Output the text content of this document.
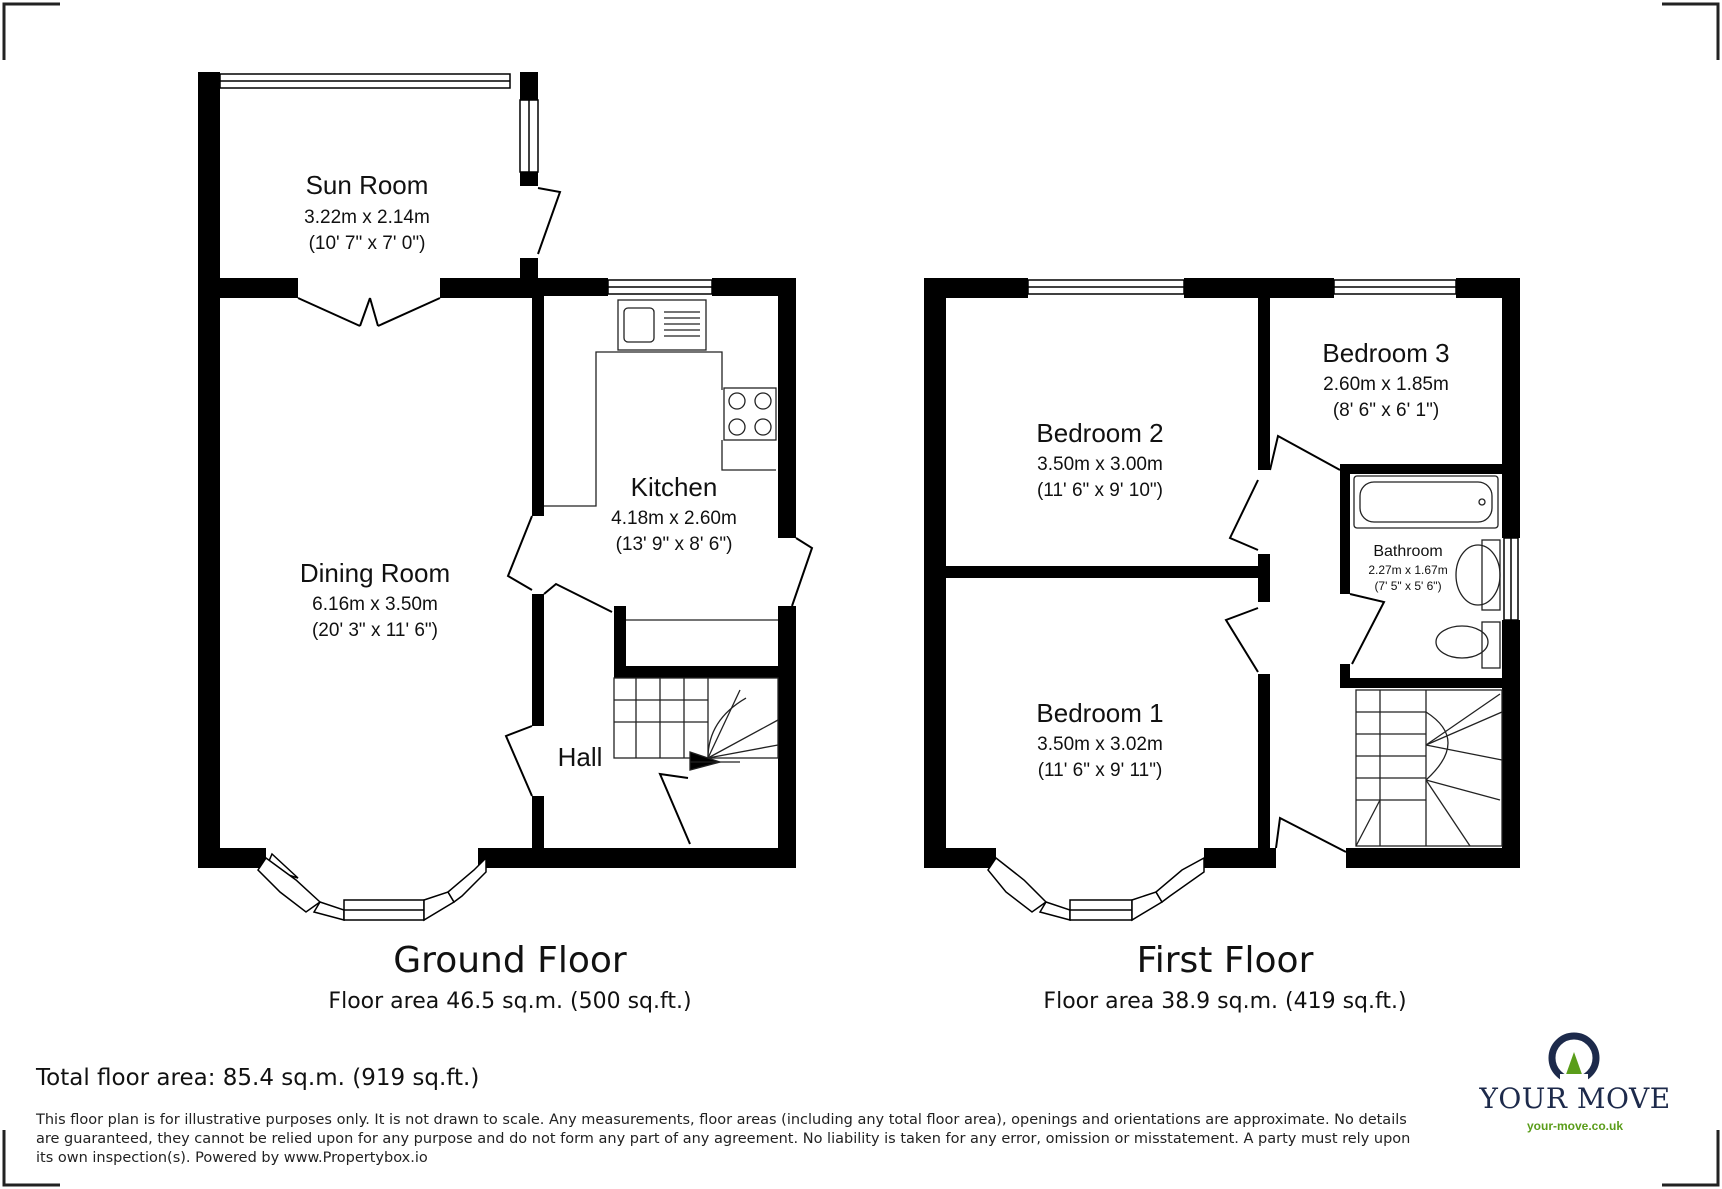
Sun Room
3.22m x 2.14m
(10' 7" x 7' 0")
Kitchen
4.18m x 2.60m
(13' 9" x 8' 6")
Dining Room
6.16m x 3.50m
(20' 3" x 11' 6")
Hall
Ground Floor
Floor area 46.5 sq.m. (500 sq.ft.)
Bedroom 2
3.50m x 3.00m
(11' 6" x 9' 10")
Bedroom 3
2.60m x 1.85m
(8' 6" x 6' 1")
Bathroom
2.27m x 1.67m
(7' 5" x 5' 6")
Bedroom 1
3.50m x 3.02m
(11' 6" x 9' 11")
First Floor
Floor area 38.9 sq.m. (419 sq.ft.)
Total floor area: 85.4 sq.m. (919 sq.ft.)
This floor plan is for illustrative purposes only. It is not drawn to scale. Any measurements, floor areas (including any total floor area), openings and orientations are approximate. No details are guaranteed, they cannot be relied upon for any purpose and do not form any part of any agreement. No liability is taken for any error, omission or misstatement. A party must rely upon its own inspection(s). Powered by www.Propertybox.io
YOUR MOVE
your-move.co.uk
